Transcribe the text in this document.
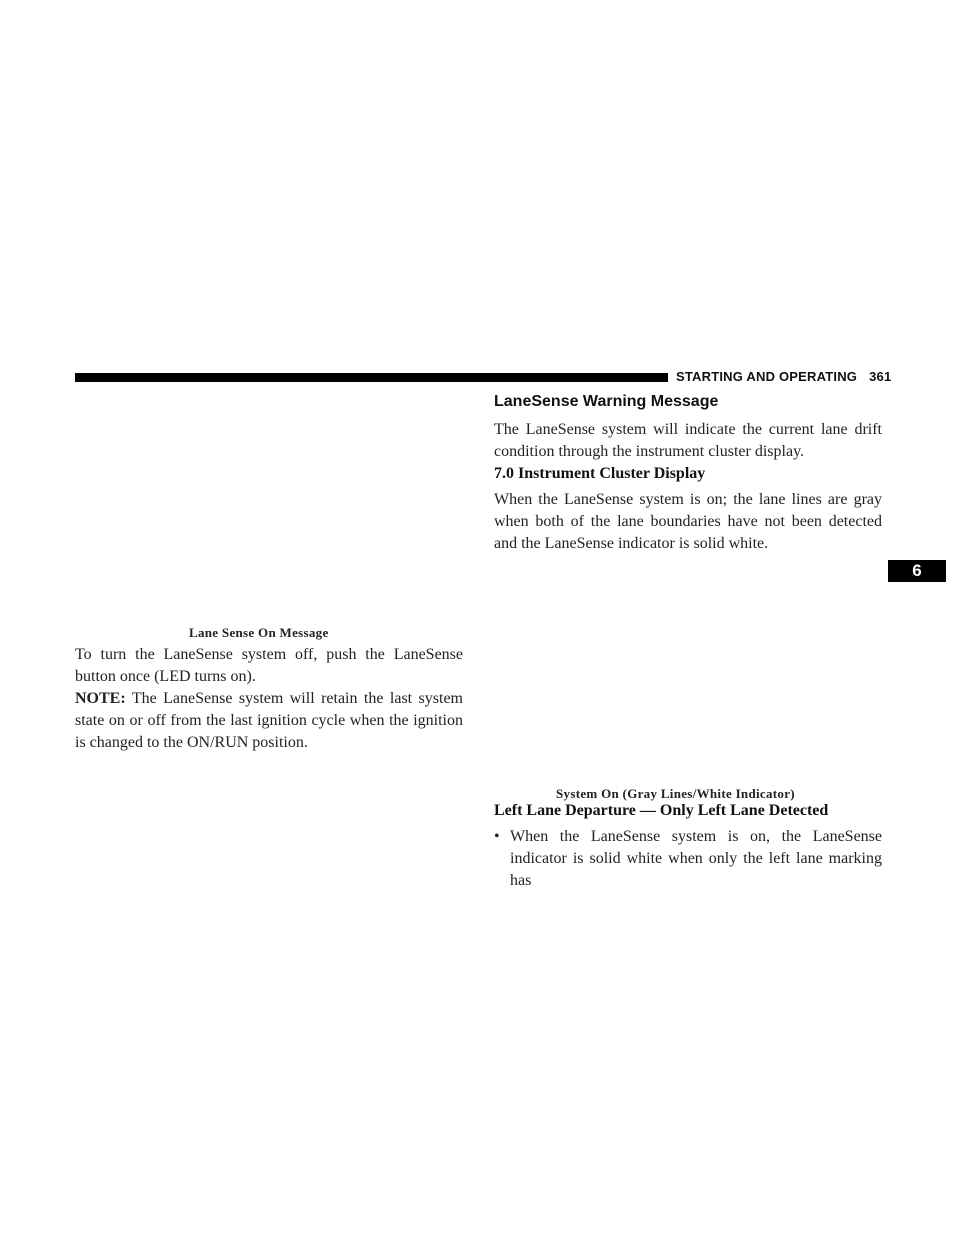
STARTING AND OPERATING 361
6
Lane Sense On Message

To turn the LaneSense system off, push the LaneSense button once (LED turns on).

NOTE: The LaneSense system will retain the last system state on or off from the last ignition cycle when the ignition is changed to the ON/RUN position.

LaneSense Warning Message

The LaneSense system will indicate the current lane drift condition through the instrument cluster display.

7.0 Instrument Cluster Display

When the LaneSense system is on; the lane lines are gray when both of the lane boundaries have not been detected and the LaneSense indicator is solid white.

System On (Gray Lines/White Indicator)
Left Lane Departure — Only Left Lane Detected
• When the LaneSense system is on, the LaneSense indicator is solid white when only the left lane marking has
